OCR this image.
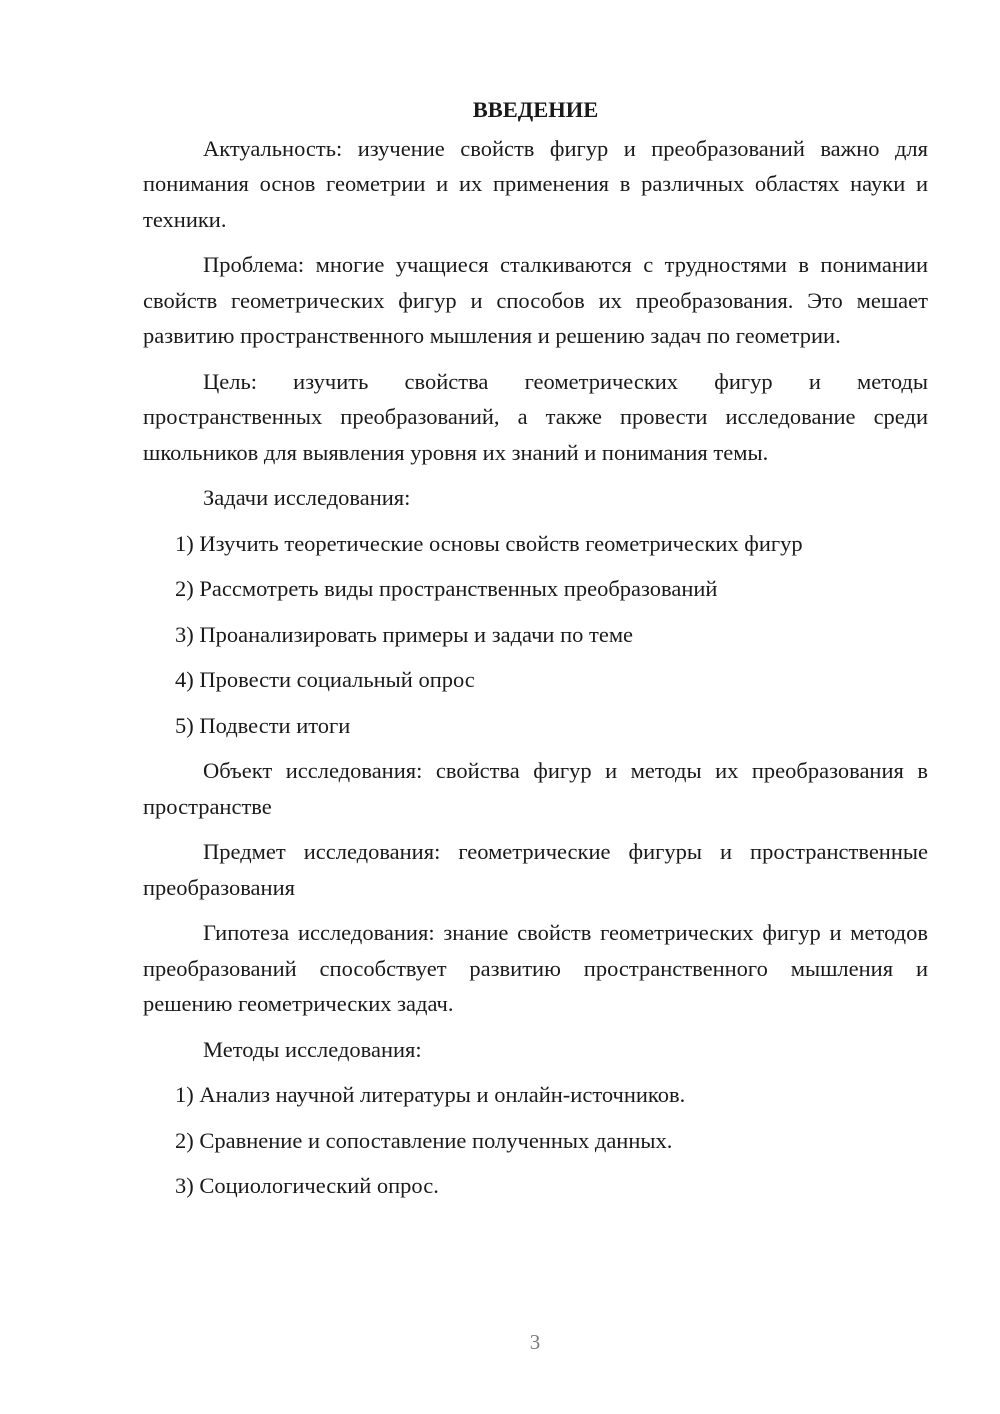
ВВЕДЕНИЕ

Актуальность: изучение свойств фигур и преобразований важно для понимания основ геометрии и их применения в различных областях науки и техники.

Проблема: многие учащиеся сталкиваются с трудностями в понимании свойств геометрических фигур и способов их преобразования. Это мешает развитию пространственного мышления и решению задач по геометрии.

Цель: изучить свойства геометрических фигур и методы пространственных преобразований, а также провести исследование среди школьников для выявления уровня их знаний и понимания темы.

Задачи исследования:

1) Изучить теоретические основы свойств геометрических фигур
2) Рассмотреть виды пространственных преобразований
3) Проанализировать примеры и задачи по теме
4) Провести социальный опрос
5) Подвести итоги

Объект исследования: свойства фигур и методы их преобразования в пространстве

Предмет исследования: геометрические фигуры и пространственные преобразования

Гипотеза исследования: знание свойств геометрических фигур и методов преобразований способствует развитию пространственного мышления и решению геометрических задач.

Методы исследования:

1) Анализ научной литературы и онлайн-источников.
2) Сравнение и сопоставление полученных данных.
3) Социологический опрос.
3
